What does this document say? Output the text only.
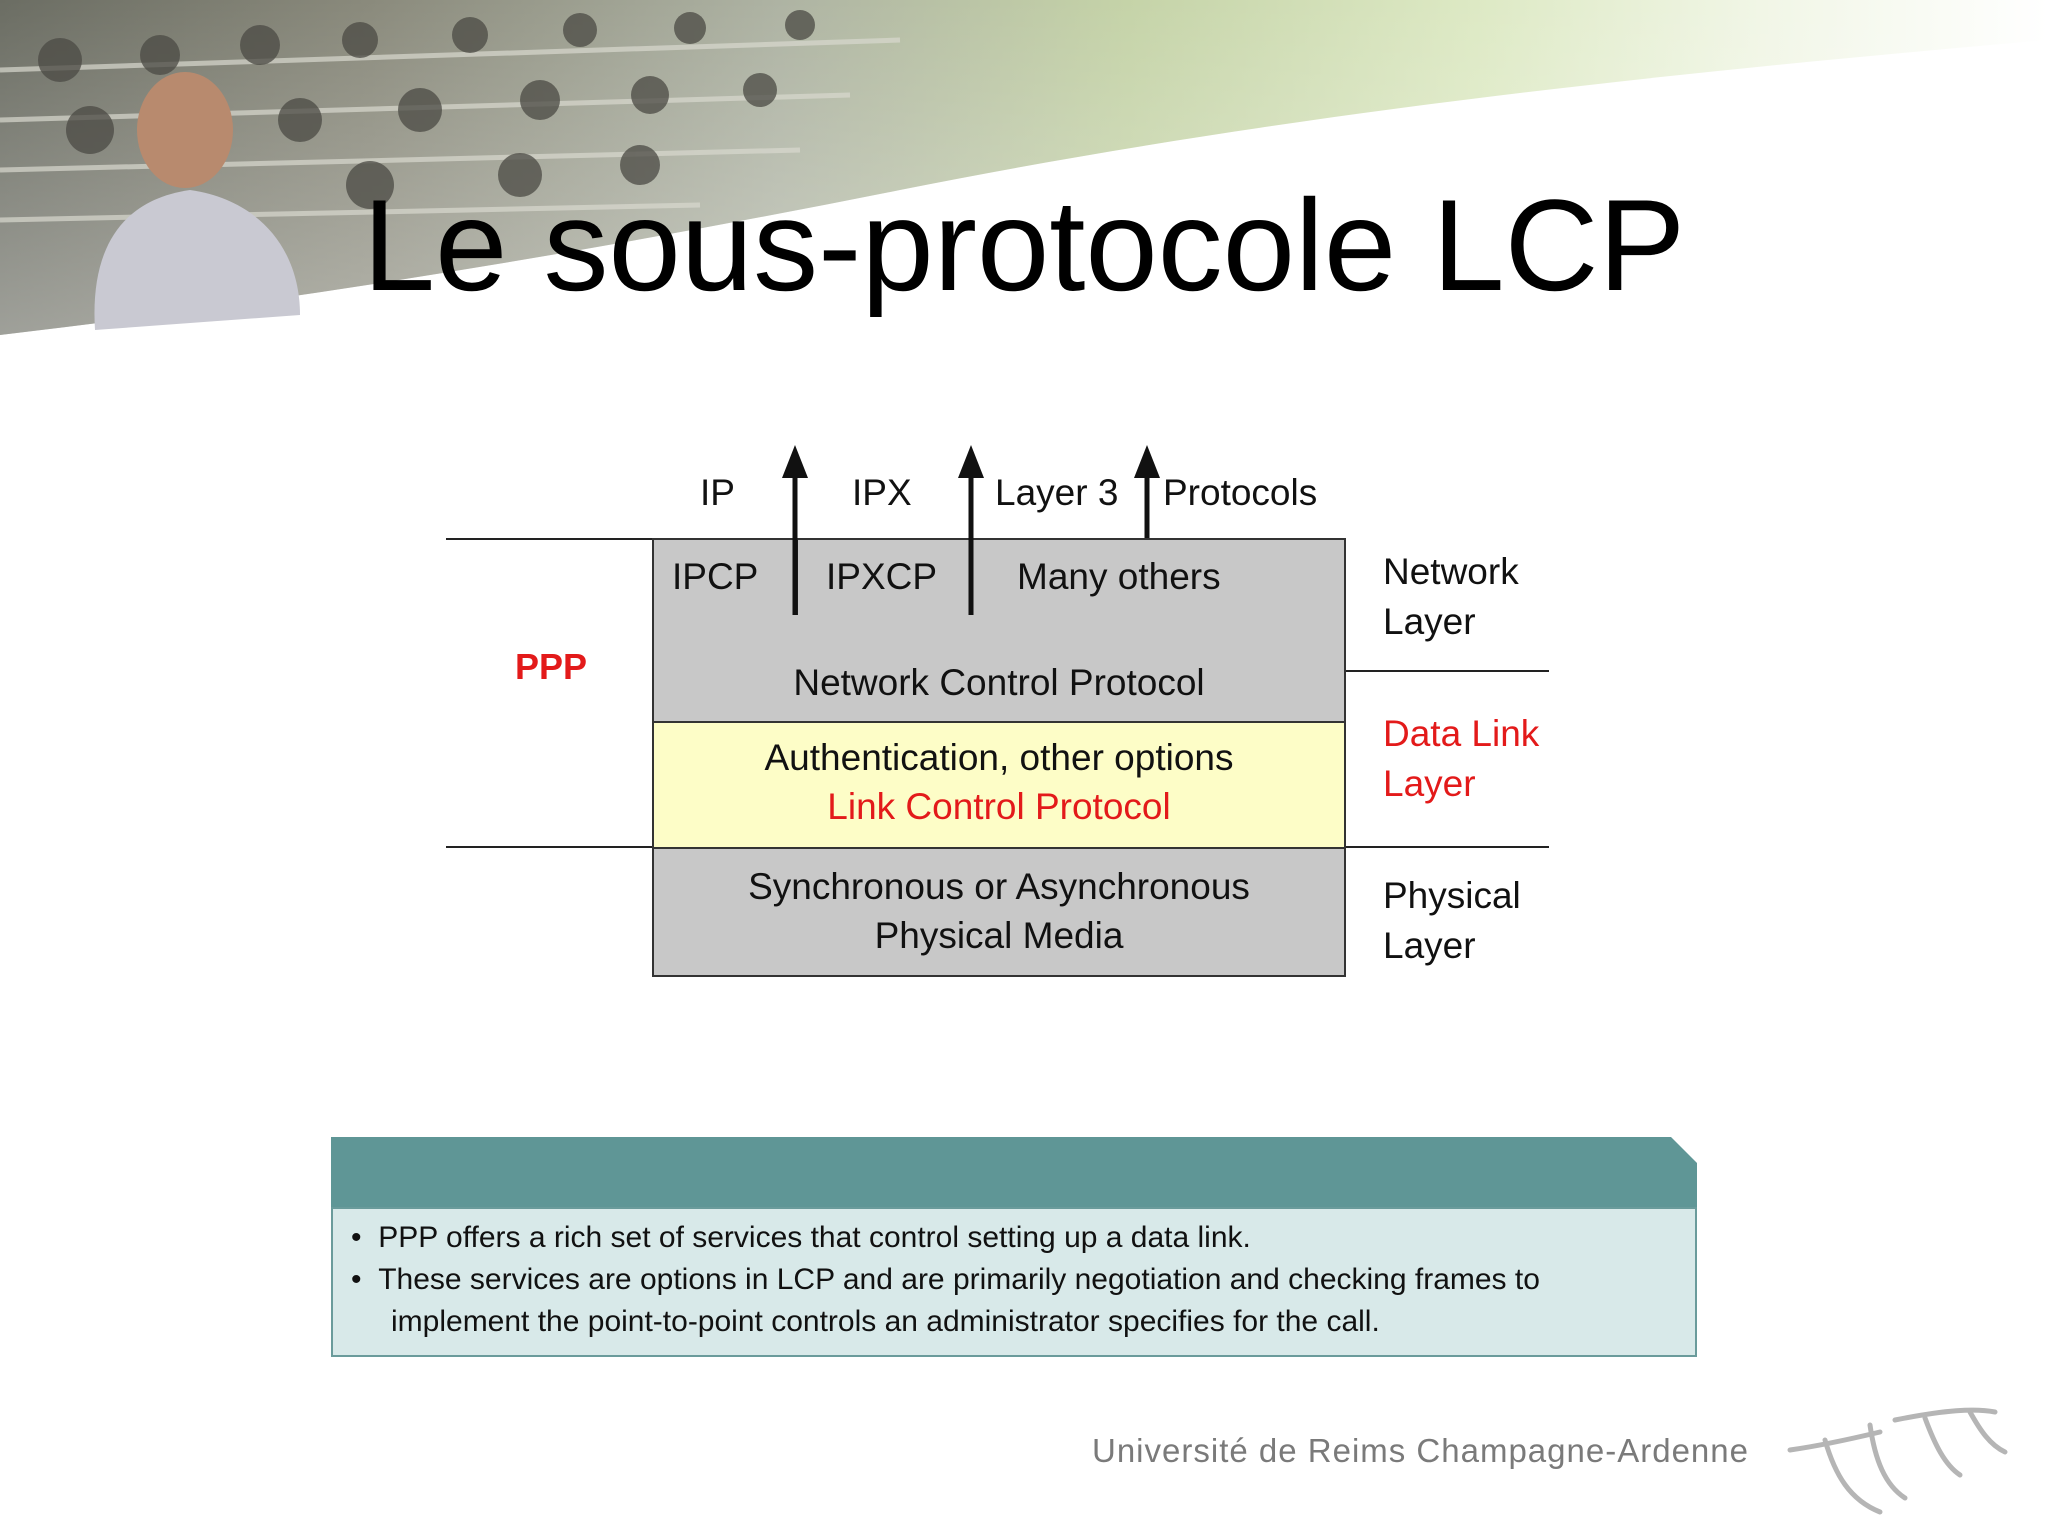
Le sous-protocole LCP
IP	IPX Layer 3 Protocols
IPCP IPXCP Many others
Network Control Protocol
Authentication, other options
Link Control Protocol
Synchronous or Asynchronous
Physical Media
PPP
Network
Layer
Data Link
Layer
Physical
Layer
•  PPP offers a rich set of services that control setting up a data link.
•  These services are options in LCP and are primarily negotiation and checking frames to
implement the point-to-point controls an administrator specifies for the call.
Université de Reims Champagne-Ardenne
